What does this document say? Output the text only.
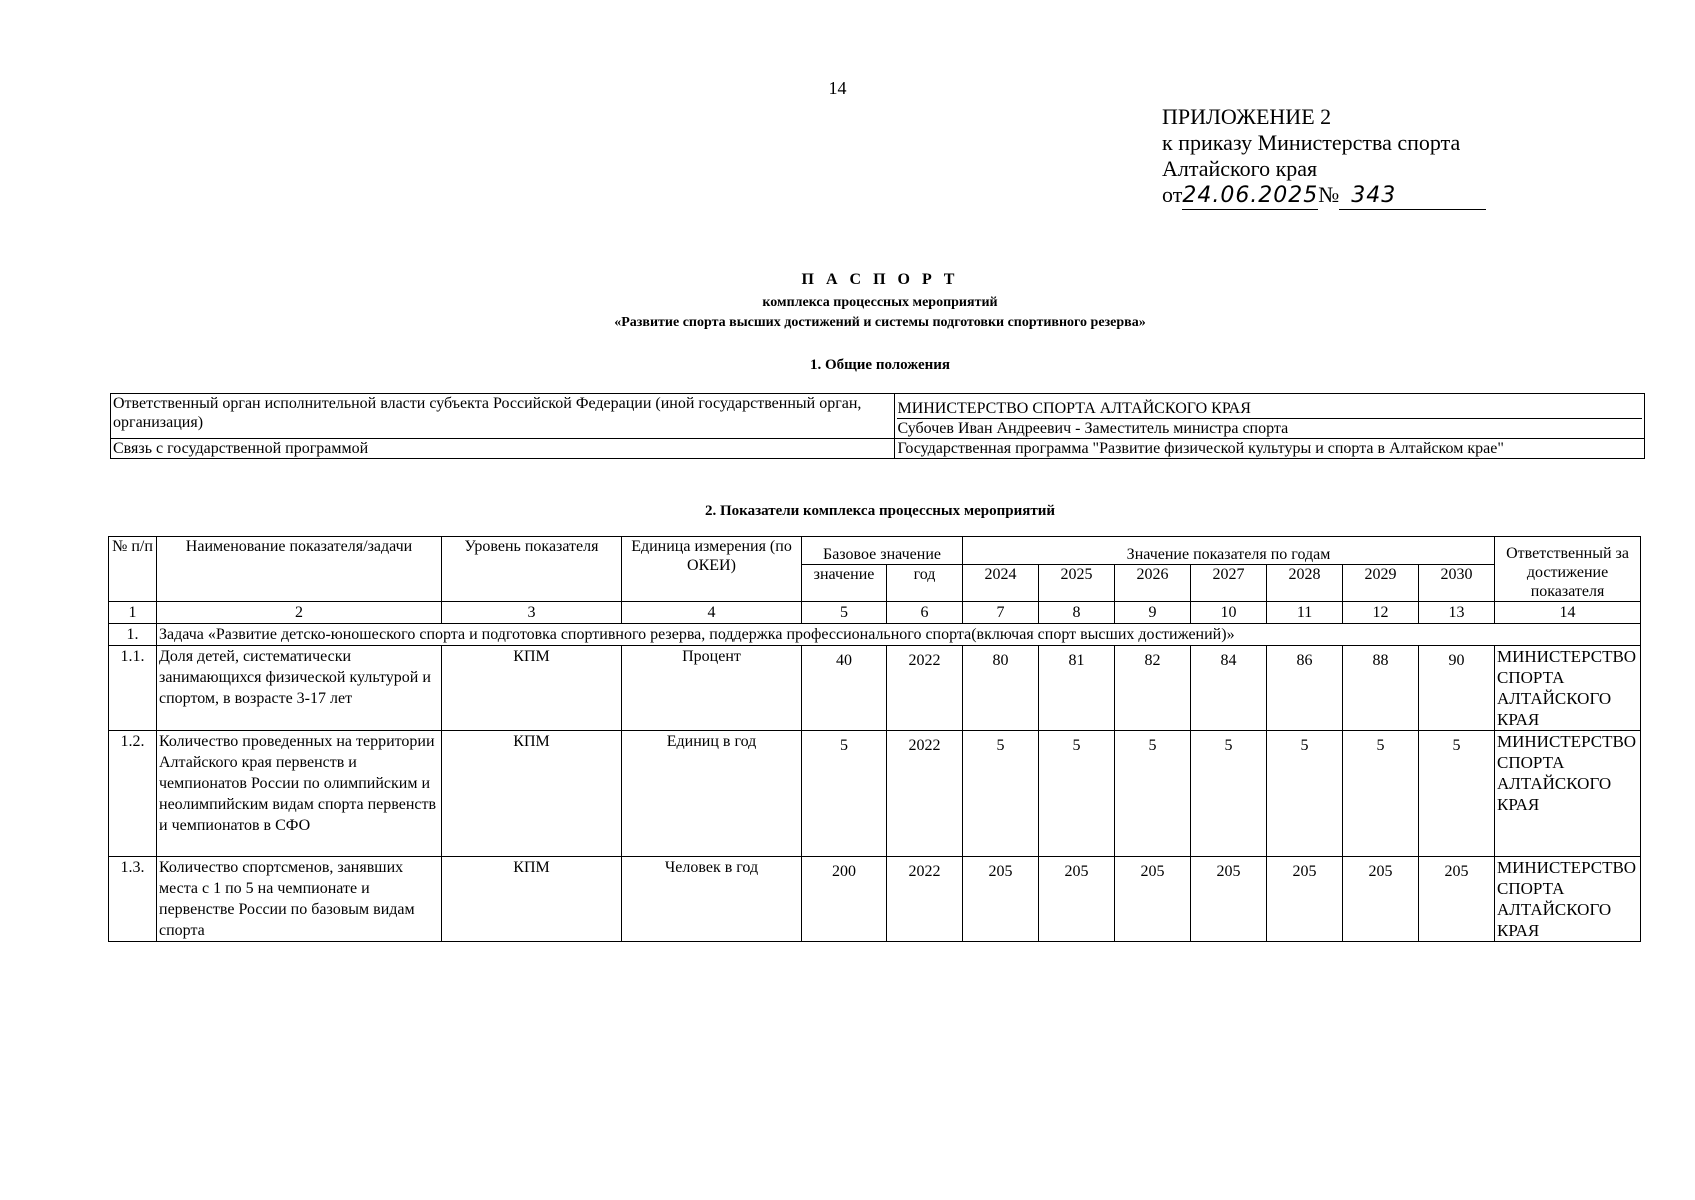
14
ПРИЛОЖЕНИЕ 2
к приказу Министерства спорта
Алтайского края
от24.06.2025№ 343
П А С П О Р Т
комплекса процессных мероприятий
«Развитие спорта высших достижений и системы подготовки спортивного резерва»
1. Общие положения
Ответственный орган исполнительной власти субъекта Российской Федерации (иной государственный орган, организация)	МИНИСТЕРСТВО СПОРТА АЛТАЙСКОГО КРАЯ
Субочев Иван Андреевич - Заместитель министра спорта

Связь с государственной программой	Государственная программа "Развитие физической культуры и спорта в Алтайском крае"
2. Показатели комплекса процессных мероприятий
№ п/п	Наименование показателя/задачи	Уровень показателя	Единица измерения (по ОКЕИ)	Базовое значение		Значение показателя по годам							Ответственный за достижение показателя
				значение	год	2024	2025	2026	2027	2028	2029	2030	
1	2	3	4	5	6	7	8	9	10	11	12	13	14
1.	Задача «Развитие детско-юношеского спорта и подготовка спортивного резерва, поддержка профессионального спорта(включая спорт высших достижений)»												
1.1.	Доля детей, систематически занимающихся физической культурой и спортом, в возрасте 3-17 лет	КПМ	Процент	40	2022	80	81	82	84	86	88	90	МИНИСТЕРСТВО СПОРТА АЛТАЙСКОГО КРАЯ
1.2.	Количество проведенных на территории Алтайского края первенств и чемпионатов России по олимпийским и неолимпийским видам спорта первенств и чемпионатов в СФО	КПМ	Единиц в год	5	2022	5	5	5	5	5	5	5	МИНИСТЕРСТВО СПОРТА АЛТАЙСКОГО КРАЯ
1.3.	Количество спортсменов, занявших места с 1 по 5 на чемпионате и первенстве России по базовым видам спорта	КПМ	Человек в год	200	2022	205	205	205	205	205	205	205	МИНИСТЕРСТВО СПОРТА АЛТАЙСКОГО КРАЯ
